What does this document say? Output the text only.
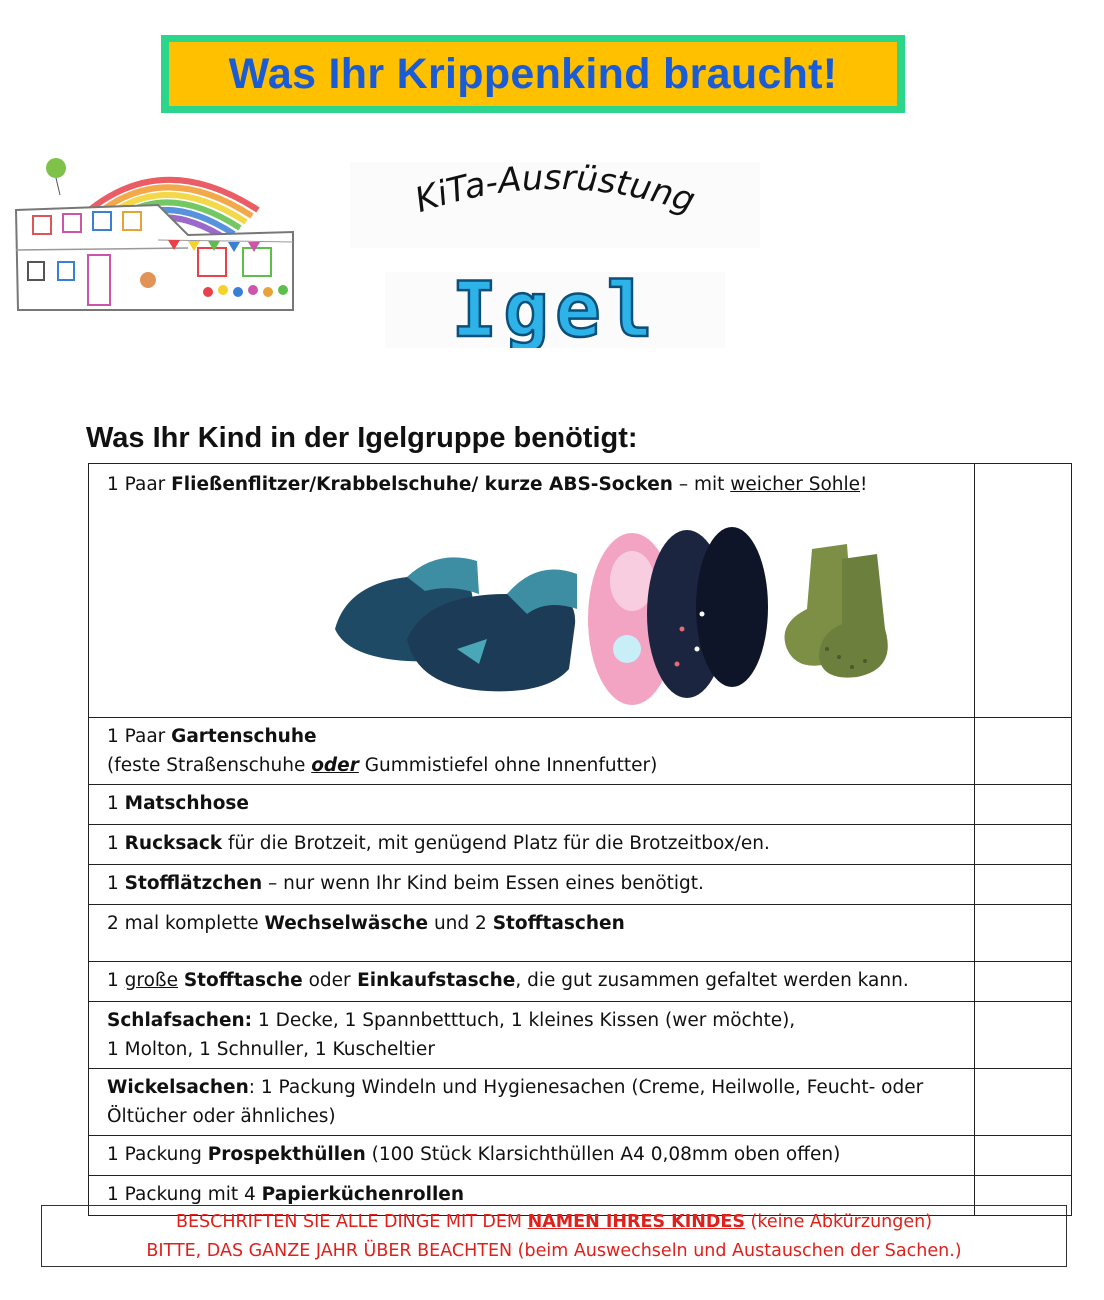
Was Ihr Krippenkind braucht!
KiTa-Ausrüstung
Igel
Was Ihr Kind in der Igelgruppe benötigt:
1 Paar Fließenflitzer/Krabbelschuhe/ kurze ABS-Socken – mit weicher Sohle!	

1 Paar Gartenschuhe
(feste Straßenschuhe oder Gummistiefel ohne Innenfutter)	
1 Matschhose	
1 Rucksack für die Brotzeit, mit genügend Platz für die Brotzeitbox/en.	
1 Stofflätzchen – nur wenn Ihr Kind beim Essen eines benötigt.	
2 mal komplette Wechselwäsche und 2 Stofftaschen	
1 große Stofftasche oder Einkaufstasche, die gut zusammen gefaltet werden kann.	
Schlafsachen: 1 Decke, 1 Spannbetttuch, 1 kleines Kissen (wer möchte),
1 Molton, 1 Schnuller, 1 Kuscheltier	
Wickelsachen: 1 Packung Windeln und Hygienesachen (Creme, Heilwolle, Feucht- oder
Öltücher oder ähnliches)	
1 Packung Prospekthüllen (100 Stück Klarsichthüllen A4 0,08mm oben offen)	
1 Packung mit 4 Papierküchenrollen	
BESCHRIFTEN SIE ALLE DINGE MIT DEM NAMEN IHRES KINDES (keine Abkürzungen)
BITTE, DAS GANZE JAHR ÜBER BEACHTEN (beim Auswechseln und Austauschen der Sachen.)
